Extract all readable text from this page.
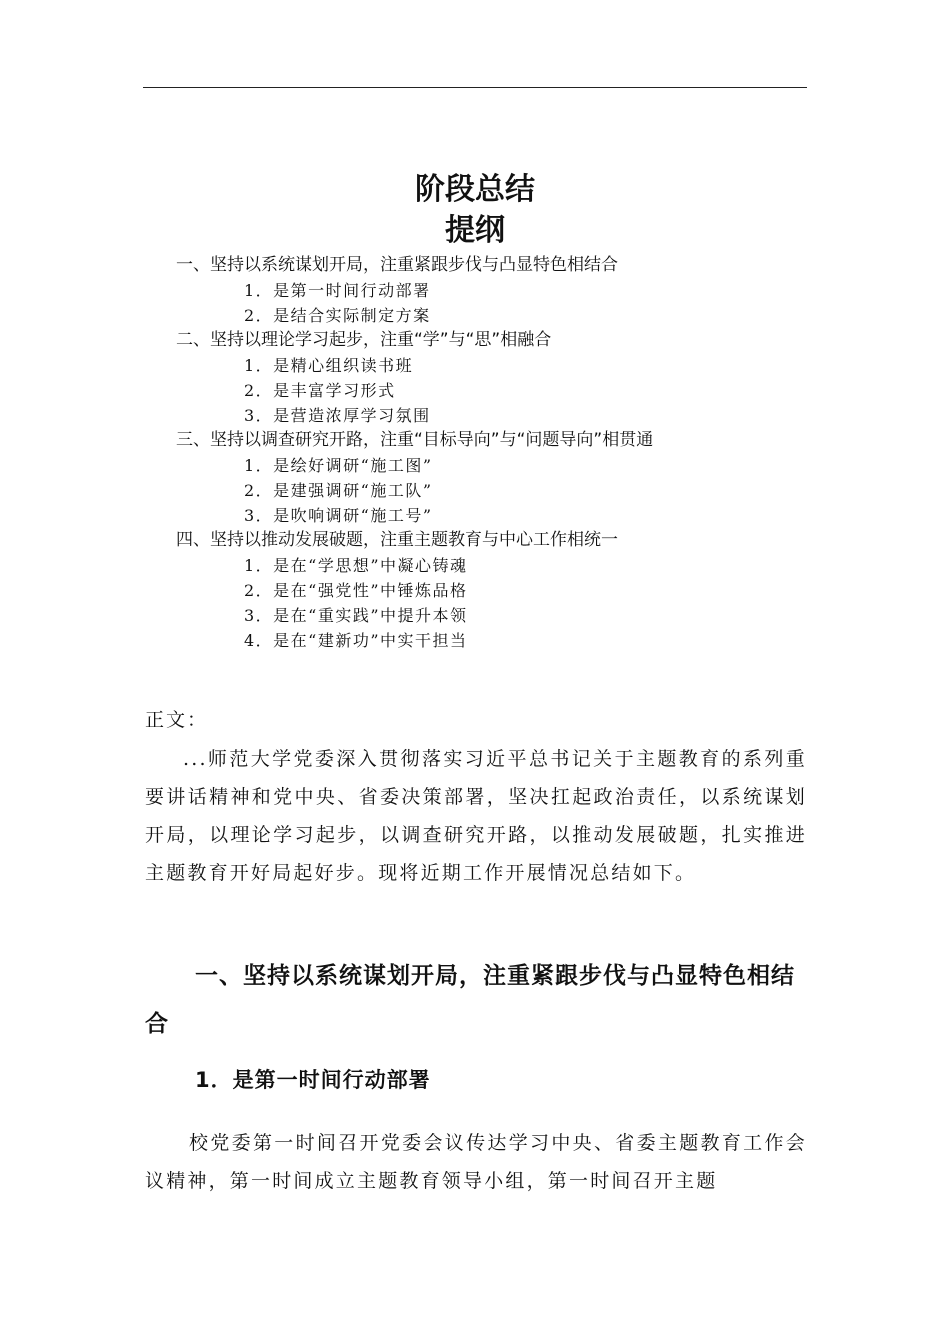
阶段总结
提纲
一、坚持以系统谋划开局，注重紧跟步伐与凸显特色相结合
1．是第一时间行动部署
2．是结合实际制定方案
二、坚持以理论学习起步，注重“学”与“思”相融合
1．是精心组织读书班
2．是丰富学习形式
3．是营造浓厚学习氛围
三、坚持以调查研究开路，注重“目标导向”与“问题导向”相贯通
1．是绘好调研“施工图”
2．是建强调研“施工队”
3．是吹响调研“施工号”
四、坚持以推动发展破题，注重主题教育与中心工作相统一
1．是在“学思想”中凝心铸魂
2．是在“强党性”中锤炼品格
3．是在“重实践”中提升本领
4．是在“建新功”中实干担当
正文：
...师范大学党委深入贯彻落实习近平总书记关于主题教育的系列重要讲话精神和党中央、省委决策部署，坚决扛起政治责任，以系统谋划开局，以理论学习起步，以调查研究开路，以推动发展破题，扎实推进主题教育开好局起好步。现将近期工作开展情况总结如下。
一、坚持以系统谋划开局，注重紧跟步伐与凸显特色相结合
1．是第一时间行动部署
校党委第一时间召开党委会议传达学习中央、省委主题教育工作会议精神，第一时间成立主题教育领导小组，第一时间召开主题
